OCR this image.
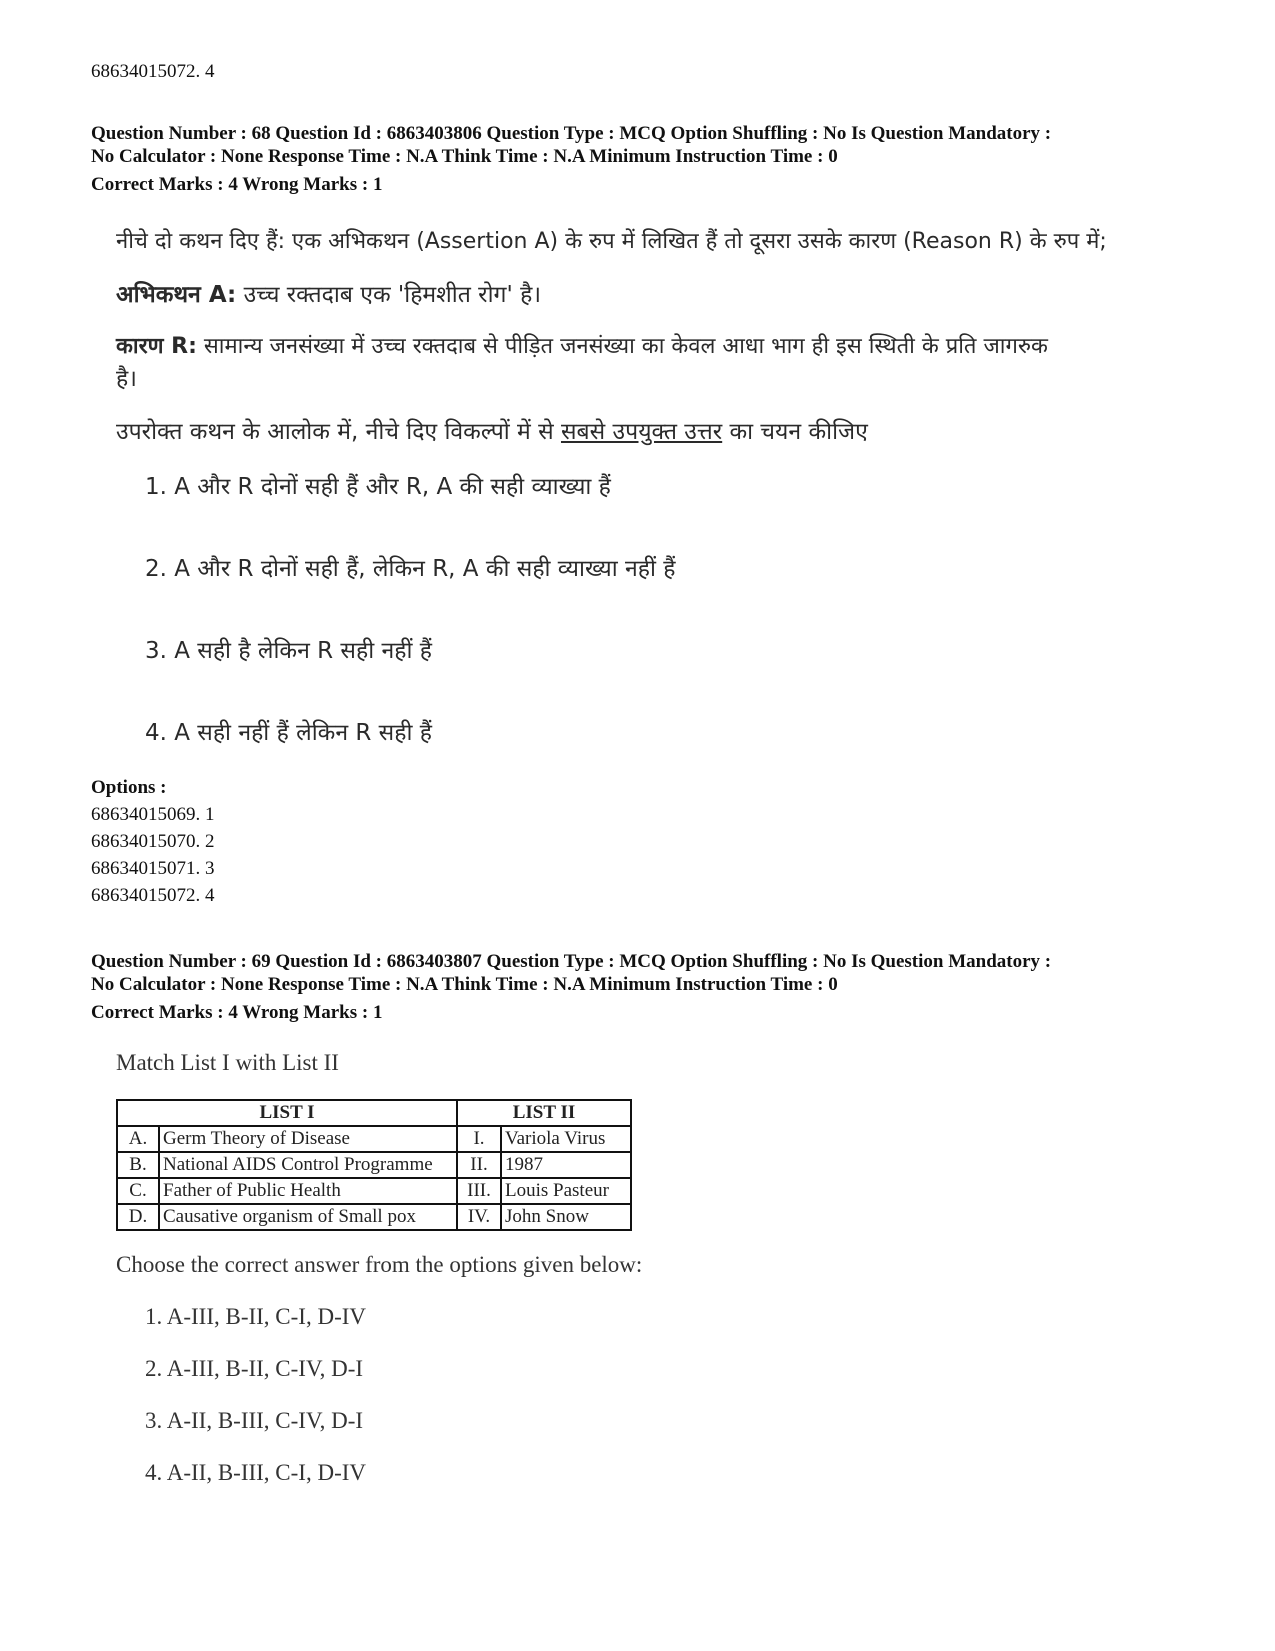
68634015072. 4
Question Number : 68 Question Id : 6863403806 Question Type : MCQ Option Shuffling : No Is Question Mandatory :
No Calculator : None Response Time : N.A Think Time : N.A Minimum Instruction Time : 0
Correct Marks : 4 Wrong Marks : 1
नीचे दो कथन दिए हैं: एक अभिकथन (Assertion A) के रुप में लिखित हैं तो दूसरा उसके कारण (Reason R) के रुप में;
अभिकथन A: उच्च रक्तदाब एक 'हिमशीत रोग' है।
कारण R: सामान्य जनसंख्या में उच्च रक्तदाब से पीड़ित जनसंख्या का केवल आधा भाग ही इस स्थिती के प्रति जागरुक
है।
उपरोक्त कथन के आलोक में, नीचे दिए विकल्पों में से सबसे उपयुक्त उत्तर का चयन कीजिए
1. A और R दोनों सही हैं और R, A की सही व्याख्या हैं
2. A और R दोनों सही हैं, लेकिन R, A की सही व्याख्या नहीं हैं
3. A सही है लेकिन R सही नहीं हैं
4. A सही नहीं हैं लेकिन R सही हैं
Options :
68634015069. 1
68634015070. 2
68634015071. 3
68634015072. 4
Question Number : 69 Question Id : 6863403807 Question Type : MCQ Option Shuffling : No Is Question Mandatory :
No Calculator : None Response Time : N.A Think Time : N.A Minimum Instruction Time : 0
Correct Marks : 4 Wrong Marks : 1
Match List I with List II
LIST I		LIST II	
A.	Germ Theory of Disease	I.	Variola Virus
B.	National AIDS Control Programme	II.	1987
C.	Father of Public Health	III.	Louis Pasteur
D.	Causative organism of Small pox	IV.	John Snow
Choose the correct answer from the options given below:
1. A-III, B-II, C-I, D-IV
2. A-III, B-II, C-IV, D-I
3. A-II, B-III, C-IV, D-I
4. A-II, B-III, C-I, D-IV
